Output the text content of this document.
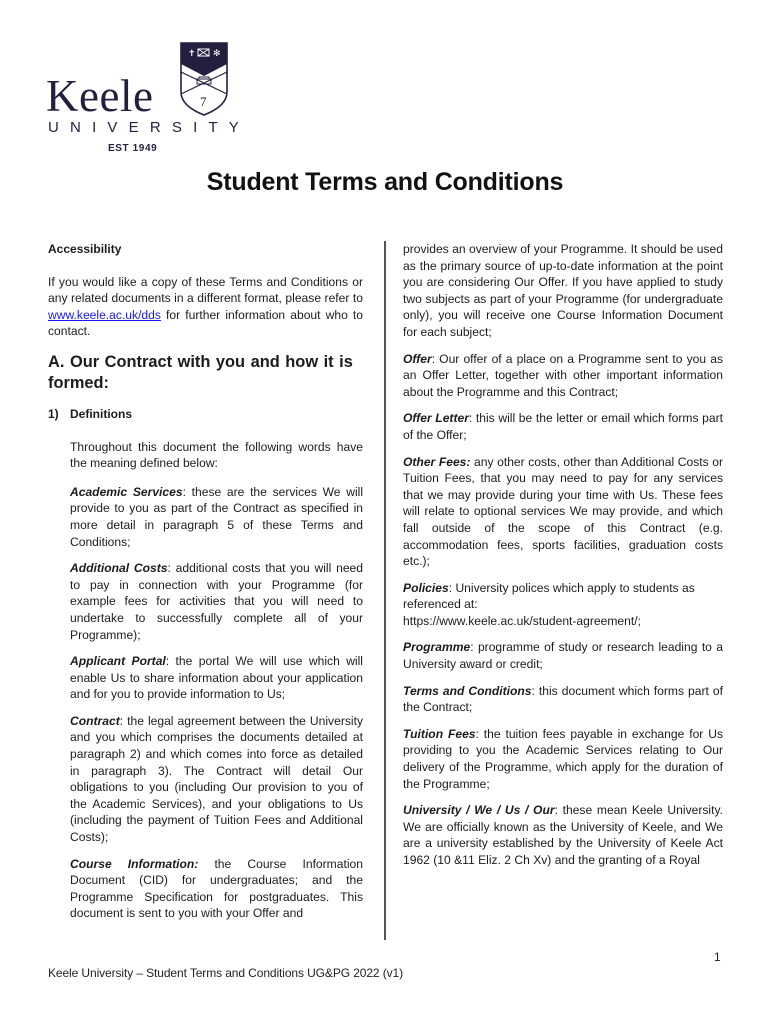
✝ ✻
7
Keele
UNIVERSITY
EST 1949
Student Terms and Conditions
Accessibility

If you would like a copy of these Terms and Conditions or any related documents in a different format, please refer to www.keele.ac.uk/dds for further information about who to contact.

A. Our Contract with you and how it is formed:
1) Definitions

Throughout this document the following words have the meaning defined below:

Academic Services: these are the services We will provide to you as part of the Contract as specified in more detail in paragraph 5 of these Terms and Conditions;

Additional Costs: additional costs that you will need to pay in connection with your Programme (for example fees for activities that you will need to undertake to successfully complete all of your Programme);

Applicant Portal: the portal We will use which will enable Us to share information about your application and for you to provide information to Us;

Contract: the legal agreement between the University and you which comprises the documents detailed at paragraph 2) and which comes into force as detailed in paragraph 3). The Contract will detail Our obligations to you (including Our provision to you of the Academic Services), and your obligations to Us (including the payment of Tuition Fees and Additional Costs);

Course Information: the Course Information Document (CID) for undergraduates; and the Programme Specification for postgraduates. This document is sent to you with your Offer and

provides an overview of your Programme. It should be used as the primary source of up-to-date information at the point you are considering Our Offer. If you have applied to study two subjects as part of your Programme (for undergraduate only), you will receive one Course Information Document for each subject;

Offer: Our offer of a place on a Programme sent to you as an Offer Letter, together with other important information about the Programme and this Contract;

Offer Letter: this will be the letter or email which forms part of the Offer;

Other Fees: any other costs, other than Additional Costs or Tuition Fees, that you may need to pay for any services that we may provide during your time with Us. These fees will relate to optional services We may provide, and which fall outside of the scope of this Contract (e.g. accommodation fees, sports facilities, graduation costs etc.);

Policies: University polices which apply to students as referenced at:
https://www.keele.ac.uk/student-agreement/;

Programme: programme of study or research leading to a University award or credit;

Terms and Conditions: this document which forms part of the Contract;

Tuition Fees: the tuition fees payable in exchange for Us providing to you the Academic Services relating to Our delivery of the Programme, which apply for the duration of the Programme;

University / We / Us / Our: these mean Keele University. We are officially known as the University of Keele, and We are a university established by the University of Keele Act 1962 (10 &11 Eliz. 2 Ch Xv) and the granting of a Royal

1
Keele University – Student Terms and Conditions UG&PG 2022 (v1)
